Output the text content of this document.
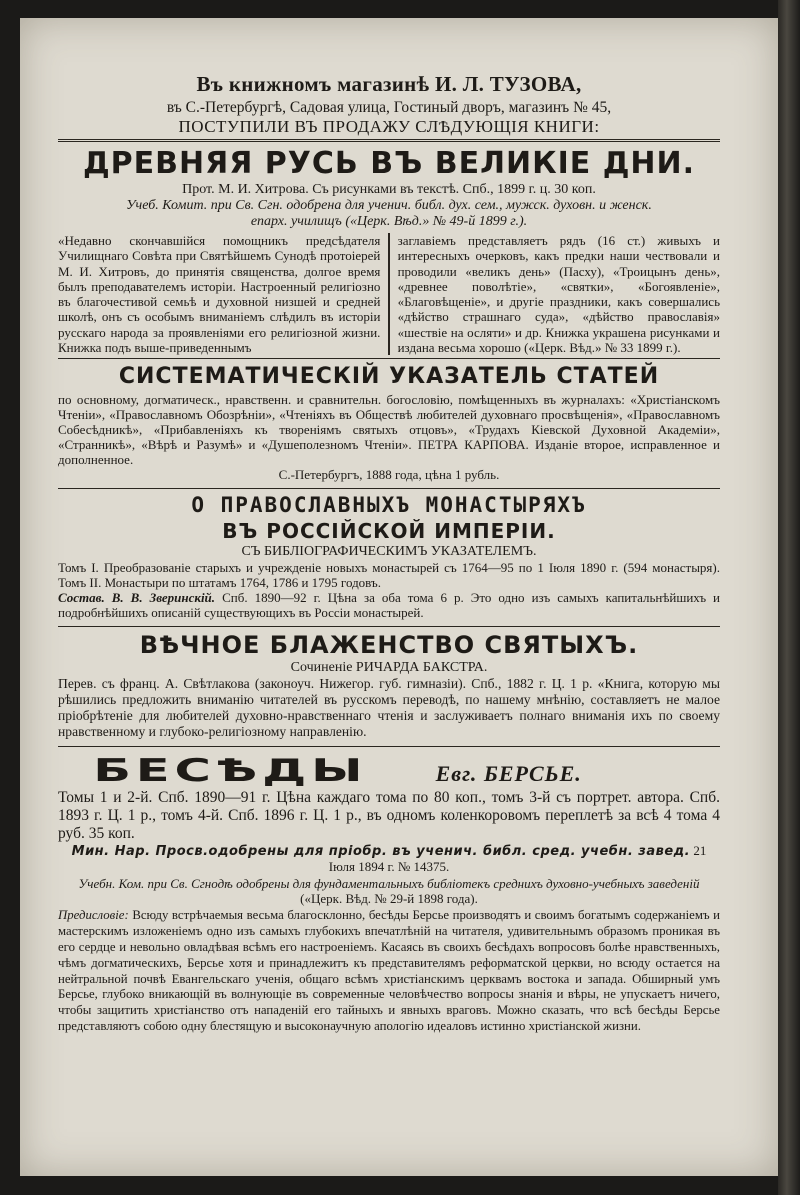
Въ книжномъ магазинѣ И. Л. ТУЗОВА,
въ С.-Петербургѣ, Садовая улица, Гостиный дворъ, магазинъ № 45,
ПОСТУПИЛИ ВЪ ПРОДАЖУ СЛѢДУЮЩІЯ КНИГИ:
ДРЕВНЯЯ РУСЬ ВЪ ВЕЛИКІЕ ДНИ.
Прот. М. И. Хитрова. Съ рисунками въ текстѣ. Спб., 1899 г. ц. 30 коп.
Учеб. Комит. при Св. Сгн. одобрена для ученич. библ. дух. сем., мужск. духовн. и женск.
епарх. училищъ («Церк. Вѣд.» № 49-й 1899 г.).
«Недавно скончавшійся помощникъ предсѣдателя Училищнаго Совѣта при Святѣйшемъ Сунодѣ протоіерей М. И. Хитровъ, до принятія священства, долгое время былъ преподавателемъ исторіи. Настроенный религіозно въ благочестивой семьѣ и духовной низшей и средней школѣ, онъ съ особымъ вниманіемъ слѣдилъ въ исторіи русскаго народа за проявленіями его религіозной жизни. Книжка подъ выше-приведеннымъ
заглавіемъ представляетъ рядъ (16 ст.) живыхъ и интересныхъ очерковъ, какъ предки наши чествовали и проводили «великъ день» (Пасху), «Троицынъ день», «древнее поволѣтіе», «святки», «Богоявленіе», «Благовѣщеніе», и другіе праздники, какъ совершались «дѣйство страшнаго суда», «дѣйство православія» «шествіе на осляти» и др. Книжка украшена рисунками и издана весьма хорошо («Церк. Вѣд.» № 33 1899 г.).
СИСТЕМАТИЧЕСКІЙ УКАЗАТЕЛЬ СТАТЕЙ
по основному, догматическ., нравственн. и сравнительн. богословію, помѣщенныхъ въ журналахъ: «Христіанскомъ Чтеніи», «Православномъ Обозрѣніи», «Чтеніяхъ въ Обществѣ любителей духовнаго просвѣщенія», «Православномъ Собесѣдникѣ», «Прибавленіяхъ къ твореніямъ святыхъ отцовъ», «Трудахъ Кіевской Духовной Академіи», «Странникѣ», «Вѣрѣ и Разумѣ» и «Душеполезномъ Чтеніи». ПЕТРА КАРПОВА. Изданіе второе, исправленное и дополненное.
С.-Петербургъ, 1888 года, цѣна 1 рубль.
О ПРАВОСЛАВНЫХЪ МОНАСТЫРЯХЪ
ВЪ РОССІЙСКОЙ ИМПЕРІИ.
СЪ БИБЛІОГРАФИЧЕСКИМЪ УКАЗАТЕЛЕМЪ.
Томъ I. Преобразованіе старыхъ и учрежденіе новыхъ монастырей съ 1764—95 по 1 Іюля 1890 г. (594 монастыря). Томъ II. Монастыри по штатамъ 1764, 1786 и 1795 годовъ.
Состав. В. В. Зверинскій. Спб. 1890—92 г. Цѣна за оба тома 6 р. Это одно изъ самыхъ капитальнѣйшихъ и подробнѣйшихъ описаній существующихъ въ Россіи монастырей.
ВѢЧНОЕ БЛАЖЕНСТВО СВЯТЫХЪ.
Сочиненіе РИЧАРДА БАКСТРА.
Перев. съ франц. А. Свѣтлакова (законоуч. Нижегор. губ. гимназіи). Спб., 1882 г. Ц. 1 р. «Книга, которую мы рѣшились предложить вниманію читателей въ русскомъ переводѣ, по нашему мнѣнію, составляетъ не малое пріобрѣтеніе для любителей духовно-нравственнаго чтенія и заслуживаетъ полнаго вниманія ихъ по своему нравственному и глубоко-религіозному направленію.
БЕСѢДЫ	Евг. БЕРСЬЕ.
Томы 1 и 2-й. Спб. 1890—91 г. Цѣна каждаго тома по 80 коп., томъ 3-й съ портрет. автора. Спб. 1893 г. Ц. 1 р., томъ 4-й. Спб. 1896 г. Ц. 1 р., въ одномъ коленкоровомъ переплетѣ за всѣ 4 тома 4 руб. 35 коп.
Мин. Нар. Просв.одобрены для пріобр. въ ученич. библ. сред. учебн. завед. 21 Іюля 1894 г. № 14375.
Учебн. Ком. при Св. Сгнодѣ одобрены для фундаментальныхъ библіотекъ среднихъ духовно-учебныхъ заведеній («Церк. Вѣд. № 29-й 1898 года).
Предисловіе: Всюду встрѣчаемыя весьма благосклонно, бесѣды Берсье производятъ и своимъ богатымъ содержаніемъ и мастерскимъ изложеніемъ одно изъ самыхъ глубокихъ впечатлѣній на читателя, удивительнымъ образомъ проникая въ его сердце и невольно овладѣвая всѣмъ его настроеніемъ. Касаясь въ своихъ бесѣдахъ вопросовъ болѣе нравственныхъ, чѣмъ догматическихъ, Берсье хотя и принадлежитъ къ представителямъ реформатской церкви, но всюду остается на нейтральной почвѣ Евангельскаго ученія, общаго всѣмъ христіанскимъ церквамъ востока и запада. Обширный умъ Берсье, глубоко вникающій въ волнующіе въ современные человѣчество вопросы знанія и вѣры, не упускаетъ ничего, чтобы защитить христіанство отъ нападеній его тайныхъ и явныхъ враговъ. Можно сказать, что всѣ бесѣды Берсье представляютъ собою одну блестящую и высоконаучную апологію идеаловъ истинно христіанской жизни.
